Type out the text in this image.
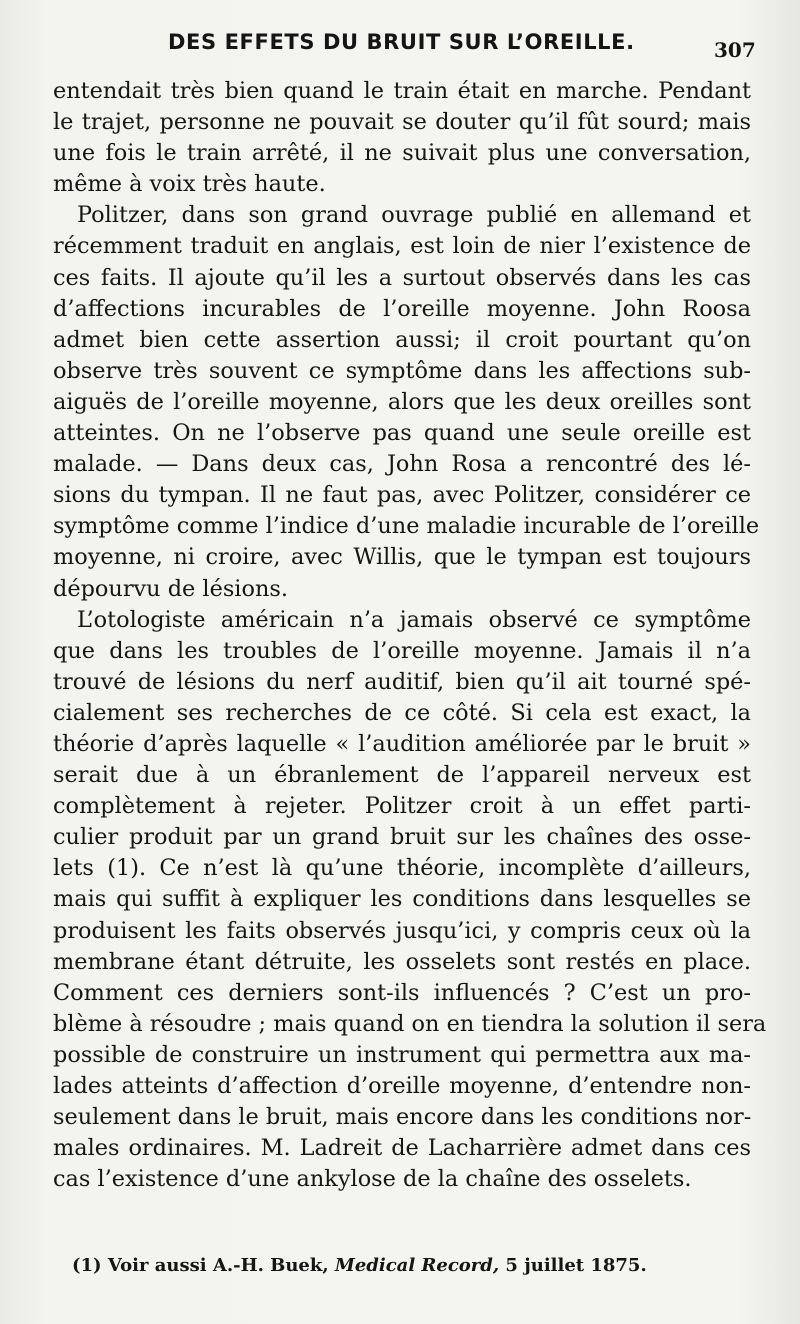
DES EFFETS DU BRUIT SUR L’OREILLE.	307
entendait très bien quand le train était en marche. Pendant
le trajet, personne ne pouvait se douter qu’il fût sourd; mais
une fois le train arrêté, il ne suivait plus une conversation,
même à voix très haute.
Politzer, dans son grand ouvrage publié en allemand et
récemment traduit en anglais, est loin de nier l’existence de
ces faits. Il ajoute qu’il les a surtout observés dans les cas
d’affections incurables de l’oreille moyenne. John Roosa
admet bien cette assertion aussi; il croit pourtant qu’on
observe très souvent ce symptôme dans les affections sub-
aiguës de l’oreille moyenne, alors que les deux oreilles sont
atteintes. On ne l’observe pas quand une seule oreille est
malade. — Dans deux cas, John Rosa a rencontré des lé-
sions du tympan. Il ne faut pas, avec Politzer, considérer ce
symptôme comme l’indice d’une maladie incurable de l’oreille
moyenne, ni croire, avec Willis, que le tympan est toujours
dépourvu de lésions.
L’otologiste américain n’a jamais observé ce symptôme
que dans les troubles de l’oreille moyenne. Jamais il n’a
trouvé de lésions du nerf auditif, bien qu’il ait tourné spé-
cialement ses recherches de ce côté. Si cela est exact, la
théorie d’après laquelle « l’audition améliorée par le bruit »
serait due à un ébranlement de l’appareil nerveux est
complètement à rejeter. Politzer croit à un effet parti-
culier produit par un grand bruit sur les chaînes des osse-
lets (1). Ce n’est là qu’une théorie, incomplète d’ailleurs,
mais qui suffit à expliquer les conditions dans lesquelles se
produisent les faits observés jusqu’ici, y compris ceux où la
membrane étant détruite, les osselets sont restés en place.
Comment ces derniers sont-ils influencés ? C’est un pro-
blème à résoudre ; mais quand on en tiendra la solution il sera
possible de construire un instrument qui permettra aux ma-
lades atteints d’affection d’oreille moyenne, d’entendre non-
seulement dans le bruit, mais encore dans les conditions nor-
males ordinaires. M. Ladreit de Lacharrière admet dans ces
cas l’existence d’une ankylose de la chaîne des osselets.
(1) Voir aussi A.-H. Buek, Medical Record, 5 juillet 1875.
